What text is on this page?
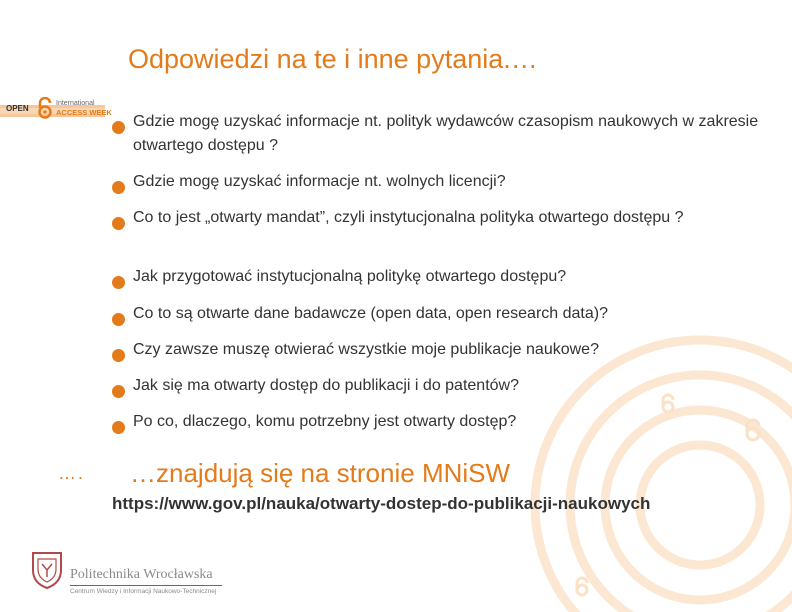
Odpowiedzi na te i inne pytania.…
OPEN
International
ACCESS WEEK
Gdzie mogę uzyskać informacje nt. polityk wydawców czasopism naukowych w zakresie otwartego dostępu ?
Gdzie mogę uzyskać informacje nt. wolnych licencji?
Co to jest „otwarty mandat”, czyli instytucjonalna polityka otwartego dostępu ?
Jak przygotować instytucjonalną politykę otwartego dostępu?
Co to są otwarte dane badawcze (open data, open research data)?
Czy zawsze muszę otwierać wszystkie moje publikacje naukowe?
Jak się ma otwarty dostęp do publikacji i do patentów?
Po co, dlaczego, komu potrzebny jest otwarty dostęp?
…. …znajdują się na stronie MNiSW
https://www.gov.pl/nauka/otwarty-dostep-do-publikacji-naukowych
Politechnika Wrocławska
Centrum Wiedzy i Informacji Naukowo-Technicznej
